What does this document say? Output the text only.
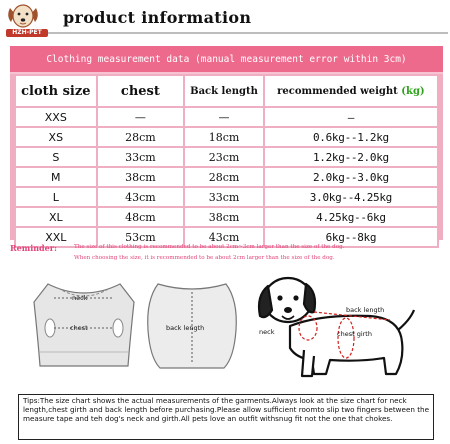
HZH-PET
product information
Clothing measurement data (manual measurement error within 3cm)
cloth size	chest	Back length	recommended weight (kg)
XXS	—	—	—
XS	28cm	18cm	0.6kg--1.2kg
S	33cm	23cm	1.2kg--2.0kg
M	38cm	28cm	2.0kg--3.0kg
L	43cm	33cm	3.0kg--4.25kg
XL	48cm	38cm	4.25kg--6kg
XXL	53cm	43cm	6kg--8kg
Reminder:	The size of this clothing is recommended to be about 2cm~3cm larger than the size of the dog.
When choosing the size, it is recommended to be about 2cm larger than the size of the dog.
neck
chest	back length
back length
neck	chest girth
Tips:The size chart shows the actual measurements of the garments.Always look at the size chart for neck length,chest girth and back length before purchasing.Please allow sufficient roomto slip two fingers between the measure tape and teh dog's neck and girth.All pets love an outfit withsnug fit not the one that chokes.
